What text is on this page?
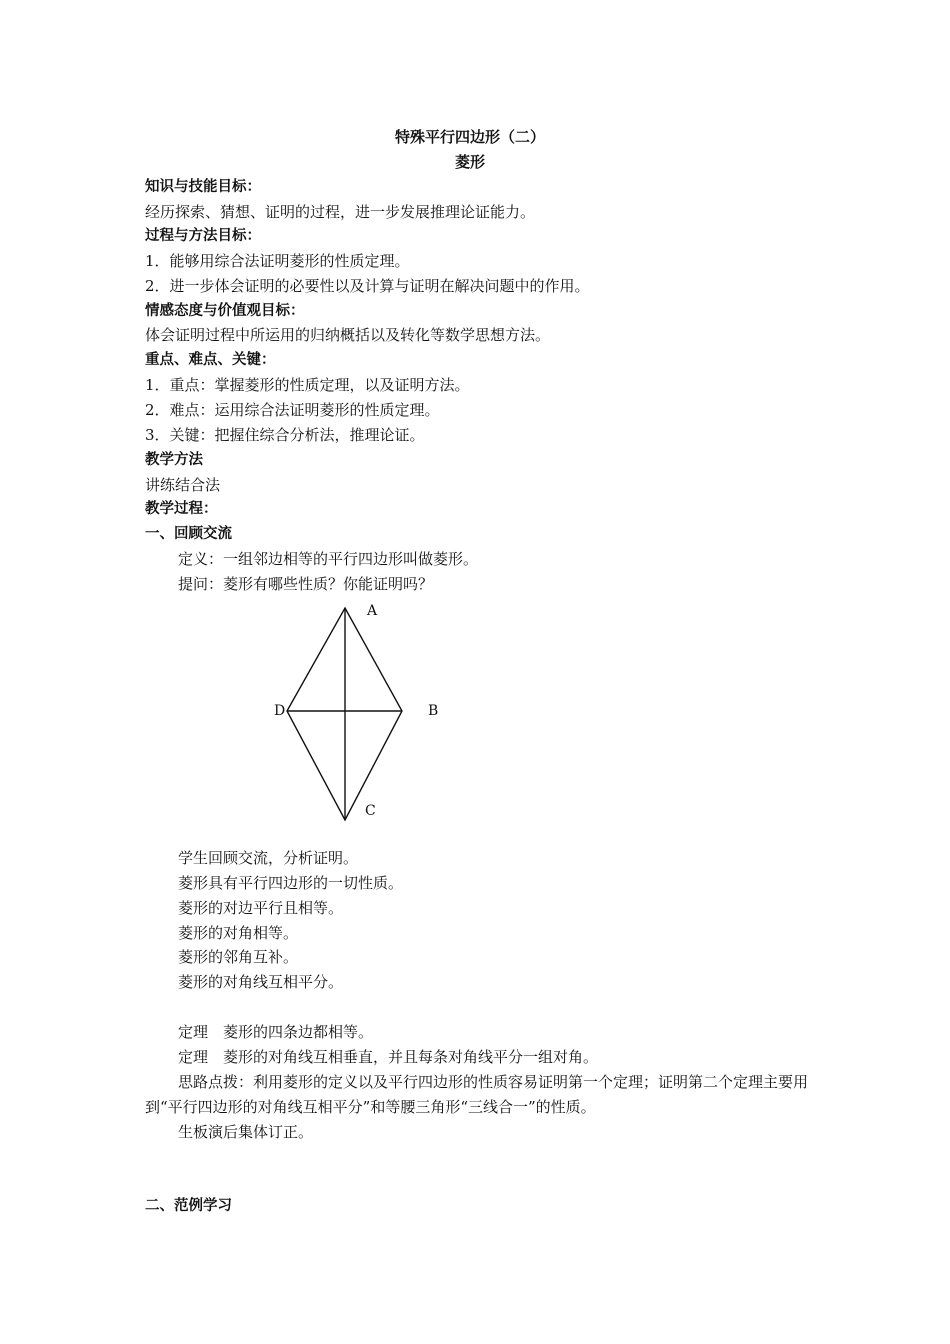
特殊平行四边形（二）
菱形
知识与技能目标：
经历探索、猜想、证明的过程，进一步发展推理论证能力。
过程与方法目标：
1．能够用综合法证明菱形的性质定理。
2．进一步体会证明的必要性以及计算与证明在解决问题中的作用。
情感态度与价值观目标：
体会证明过程中所运用的归纳概括以及转化等数学思想方法。
重点、难点、关键：
1．重点：掌握菱形的性质定理，以及证明方法。
2．难点：运用综合法证明菱形的性质定理。
3．关键：把握住综合分析法，推理论证。
教学方法
讲练结合法
教学过程：
一、回顾交流
定义：一组邻边相等的平行四边形叫做菱形。
提问：菱形有哪些性质？你能证明吗？
A
B
C
D
学生回顾交流，分析证明。
菱形具有平行四边形的一切性质。
菱形的对边平行且相等。
菱形的对角相等。
菱形的邻角互补。
菱形的对角线互相平分。
定理　菱形的四条边都相等。
定理　菱形的对角线互相垂直，并且每条对角线平分一组对角。
思路点拨：利用菱形的定义以及平行四边形的性质容易证明第一个定理；证明第二个定理主要用到“平行四边形的对角线互相平分”和等腰三角形“三线合一”的性质。
生板演后集体订正。
二、范例学习
